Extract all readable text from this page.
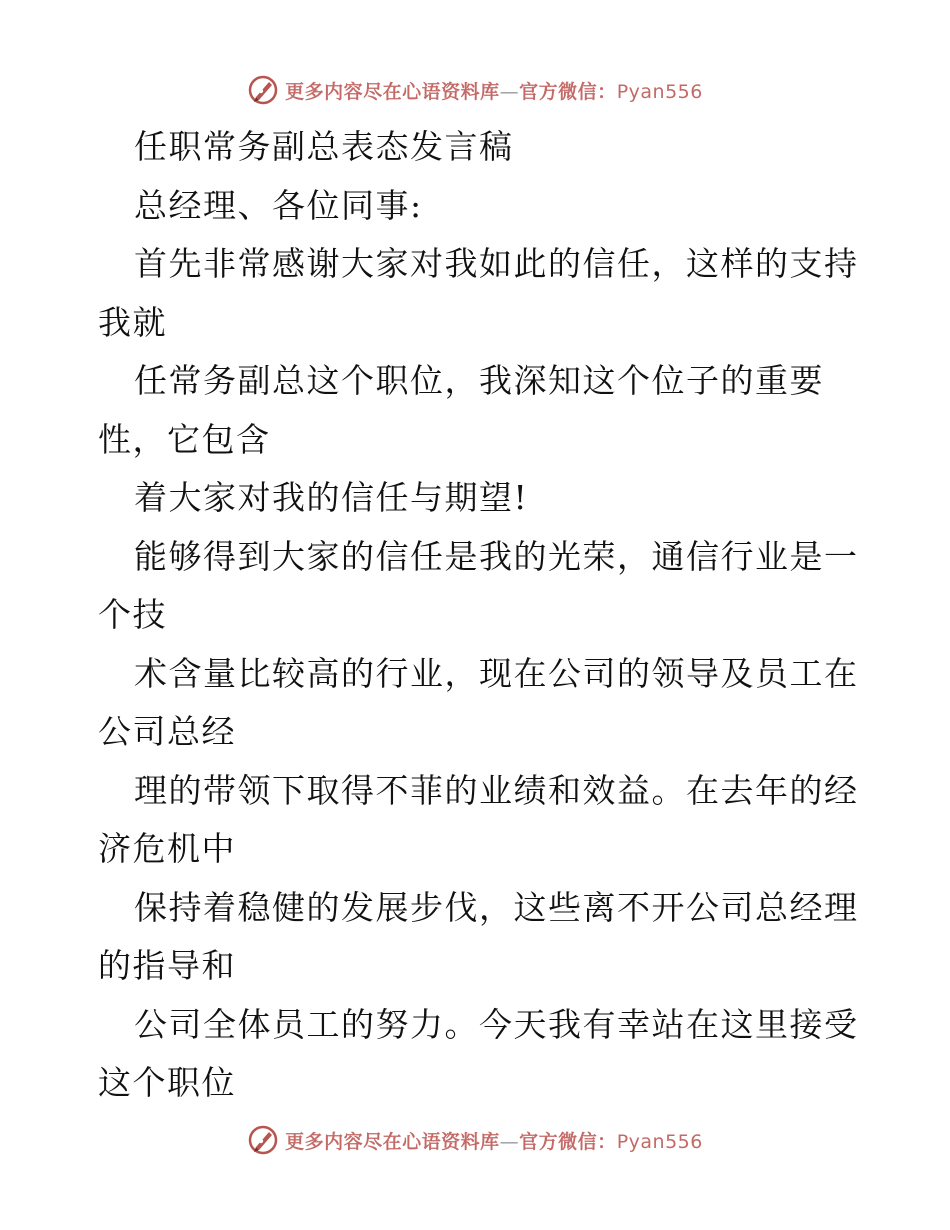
更多内容尽在心语资料库—官方微信：Pyan556
任职常务副总表态发言稿
总经理、各位同事:
首先非常感谢大家对我如此的信任，这样的支持
我就
任常务副总这个职位，我深知这个位子的重要
性，它包含
着大家对我的信任与期望!
能够得到大家的信任是我的光荣，通信行业是一
个技
术含量比较高的行业，现在公司的领导及员工在
公司总经
理的带领下取得不菲的业绩和效益。在去年的经
济危机中
保持着稳健的发展步伐，这些离不开公司总经理
的指导和
公司全体员工的努力。今天我有幸站在这里接受
这个职位
更多内容尽在心语资料库—官方微信：Pyan556
